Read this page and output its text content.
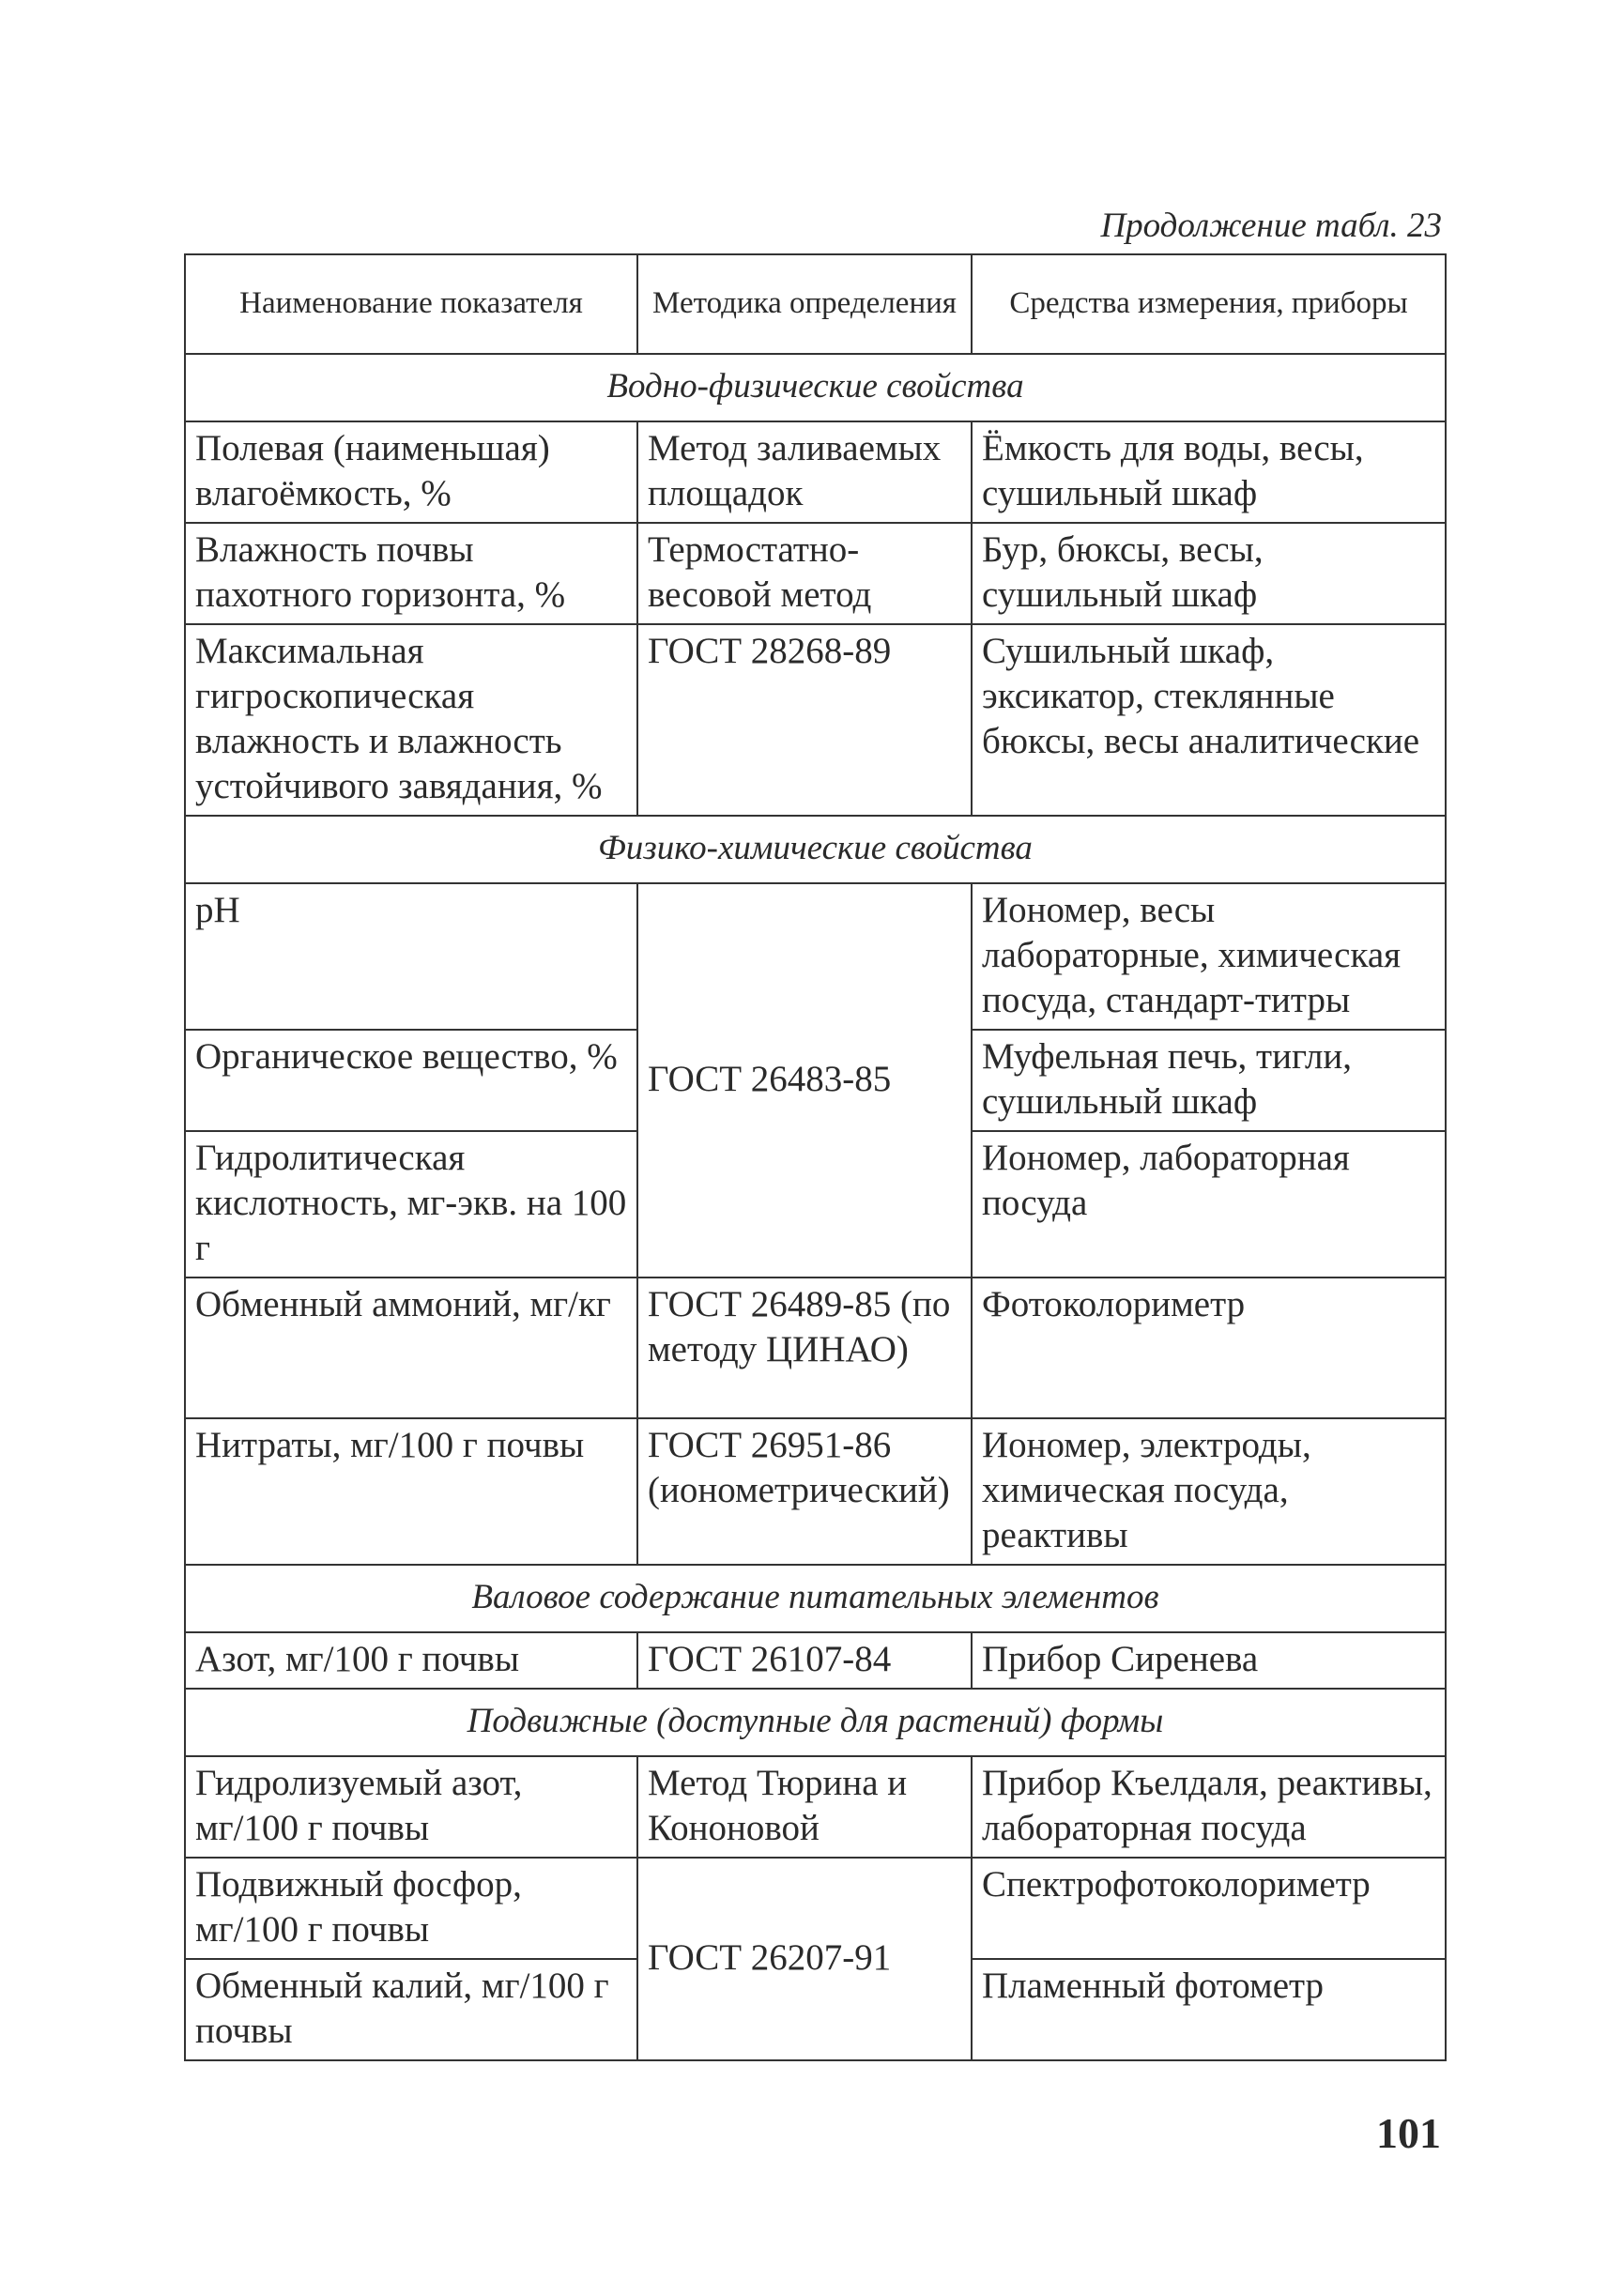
Продолжение табл. 23
Наименование показателя	Методика определения	Средства измерения, приборы
Водно-физические свойства		
Полевая (наименьшая) влагоёмкость, %	Метод заливаемых площадок	Ёмкость для воды, весы, сушильный шкаф
Влажность почвы пахотного горизонта, %	Термостатно-весовой метод	Бур, бюксы, весы, сушильный шкаф
Максимальная гигроскопическая влажность и влажность устойчивого завядания, %	ГОСТ 28268-89	Сушильный шкаф, эксикатор, стеклянные бюксы, весы аналитические
Физико-химические свойства		
pH	ГОСТ 26483-85	Иономер, весы лабораторные, химическая посуда, стандарт-титры
Органическое вещество, %		Муфельная печь, тигли, сушильный шкаф
Гидролитическая кислотность, мг-экв. на 100 г		Иономер, лабораторная посуда
Обменный аммоний, мг/кг	ГОСТ 26489-85 (по методу ЦИНАО)	Фотоколориметр
Нитраты, мг/100 г почвы	ГОСТ 26951-86 (ионометрический)	Иономер, электроды, химическая посуда, реактивы
Валовое содержание питательных элементов		
Азот, мг/100 г почвы	ГОСТ 26107-84	Прибор Сиренева
Подвижные (доступные для растений) формы		
Гидролизуемый азот, мг/100 г почвы	Метод Тюрина и Кононовой	Прибор Къелдаля, реактивы, лабораторная посуда
Подвижный фосфор, мг/100 г почвы	ГОСТ 26207-91	Спектрофотоколориметр
Обменный калий, мг/100 г почвы		Пламенный фотометр
101
